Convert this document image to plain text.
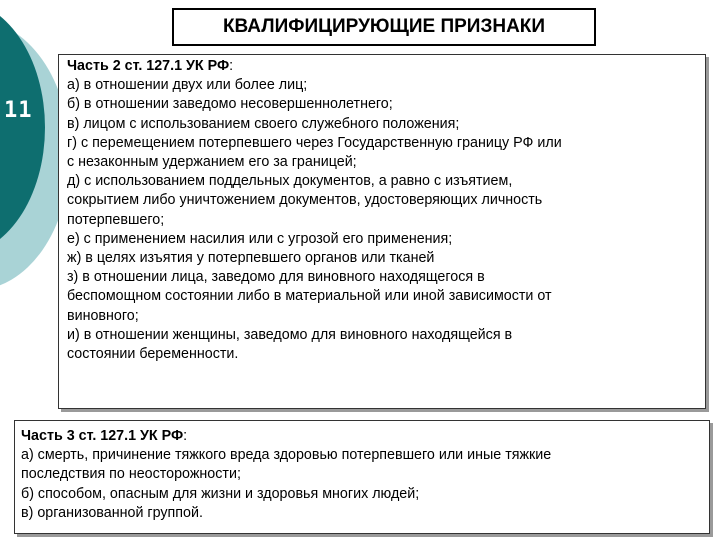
11
КВАЛИФИЦИРУЮЩИЕ ПРИЗНАКИ
Часть 2 ст. 127.1 УК РФ:
а) в отношении двух или более лиц;
б) в отношении заведомо несовершеннолетнего;
в) лицом с использованием своего служебного положения;
г) с перемещением потерпевшего через Государственную границу РФ или
с незаконным удержанием его за границей;
д) с использованием поддельных документов, а равно с изъятием,
сокрытием либо уничтожением документов, удостоверяющих личность
потерпевшего;
е) с применением насилия или с угрозой его применения;
ж) в целях изъятия у потерпевшего органов или тканей
з) в отношении лица, заведомо для виновного находящегося в
беспомощном состоянии либо в материальной или иной зависимости от
виновного;
и) в отношении женщины, заведомо для виновного находящейся в
состоянии беременности.
Часть 3 ст. 127.1 УК РФ:
а) смерть, причинение тяжкого вреда здоровью потерпевшего или иные тяжкие
последствия по неосторожности;
б) способом, опасным для жизни и здоровья многих людей;
в) организованной группой.
